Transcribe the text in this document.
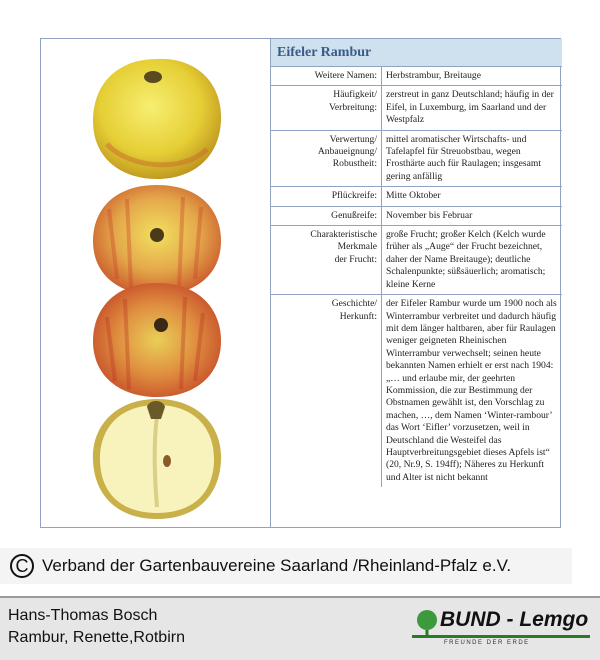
Eifeler Rambur
Weitere Namen:	Herbstrambur, Breitauge
Häufigkeit/
Verbreitung:	zerstreut in ganz Deutschland; häufig in der Eifel, in Luxemburg, im Saarland und der Westpfalz
Verwertung/
Anbaueignung/
Robustheit:	mittel aromatischer Wirtschafts- und Tafelapfel für Streuobstbau, wegen Frosthärte auch für Raulagen; insgesamt gering anfällig
Pflückreife:	Mitte Oktober
Genußreife:	November bis Februar
Charakteristische
Merkmale
der Frucht:	große Frucht; großer Kelch (Kelch wurde früher als „Auge“ der Frucht bezeichnet, daher der Name Breitauge); deutliche Schalenpunkte; süßsäuerlich; aromatisch; kleine Kerne
Geschichte/
Herkunft:	der Eifeler Rambur wurde um 1900 noch als Winterrambur verbreitet und dadurch häufig mit dem länger haltbaren, aber für Raulagen weniger geigneten Rheinischen Winterrambur verwechselt; seinen heute bekannten Namen erhielt er erst nach 1904: „… und erlaube mir, der geehrten Kommission, die zur Bestimmung der Obstnamen gewählt ist, den Vorschlag zu machen, …, dem Namen ‘Winter-rambour’ das Wort ‘Eifler’ vorzusetzen, weil in Deutschland die Westeifel das Hauptverbreitungsgebiet dieses Apfels ist“ (20, Nr.9, S. 194ff); Näheres zu Herkunft und Alter ist nicht bekannt
C Verband der Gartenbauvereine Saarland /Rheinland-Pfalz e.V.
Hans-Thomas Bosch
Rambur, Renette,Rotbirn
BUND - Lemgo
FREUNDE DER ERDE
